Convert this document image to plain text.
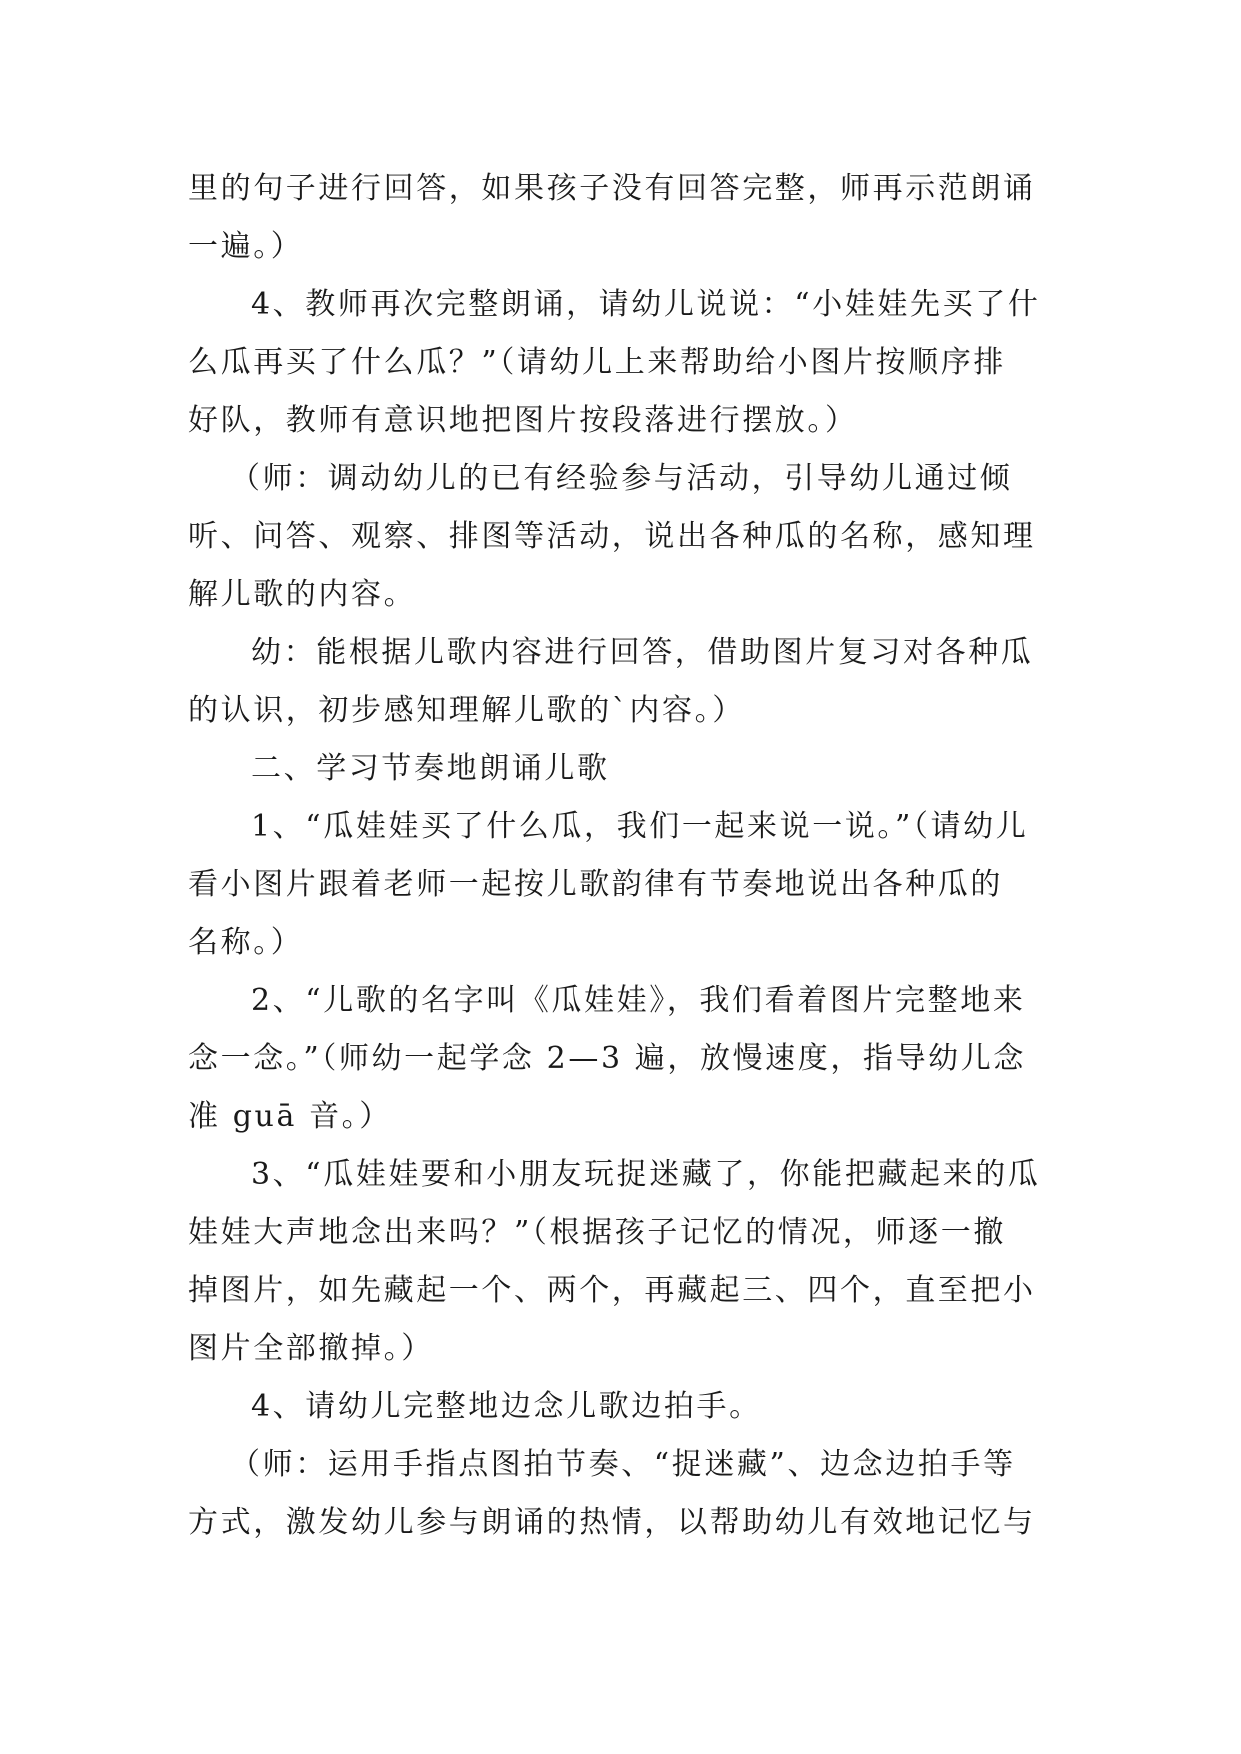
里的句子进行回答，如果孩子没有回答完整，师再示范朗诵
一遍。）
4、教师再次完整朗诵，请幼儿说说：“小娃娃先买了什
么瓜再买了什么瓜？”（请幼儿上来帮助给小图片按顺序排
好队，教师有意识地把图片按段落进行摆放。）
（师：调动幼儿的已有经验参与活动，引导幼儿通过倾
听、问答、观察、排图等活动，说出各种瓜的名称，感知理
解儿歌的内容。
幼：能根据儿歌内容进行回答，借助图片复习对各种瓜
的认识，初步感知理解儿歌的`内容。）
二、学习节奏地朗诵儿歌
1、“瓜娃娃买了什么瓜，我们一起来说一说。”（请幼儿
看小图片跟着老师一起按儿歌韵律有节奏地说出各种瓜的
名称。）
2、“儿歌的名字叫《瓜娃娃》，我们看着图片完整地来
念一念。”（师幼一起学念 2—3 遍，放慢速度，指导幼儿念
准 guā 音。）
3、“瓜娃娃要和小朋友玩捉迷藏了，你能把藏起来的瓜
娃娃大声地念出来吗？”（根据孩子记忆的情况，师逐一撤
掉图片，如先藏起一个、两个，再藏起三、四个，直至把小
图片全部撤掉。）
4、请幼儿完整地边念儿歌边拍手。
（师：运用手指点图拍节奏、“捉迷藏”、边念边拍手等
方式，激发幼儿参与朗诵的热情，以帮助幼儿有效地记忆与
